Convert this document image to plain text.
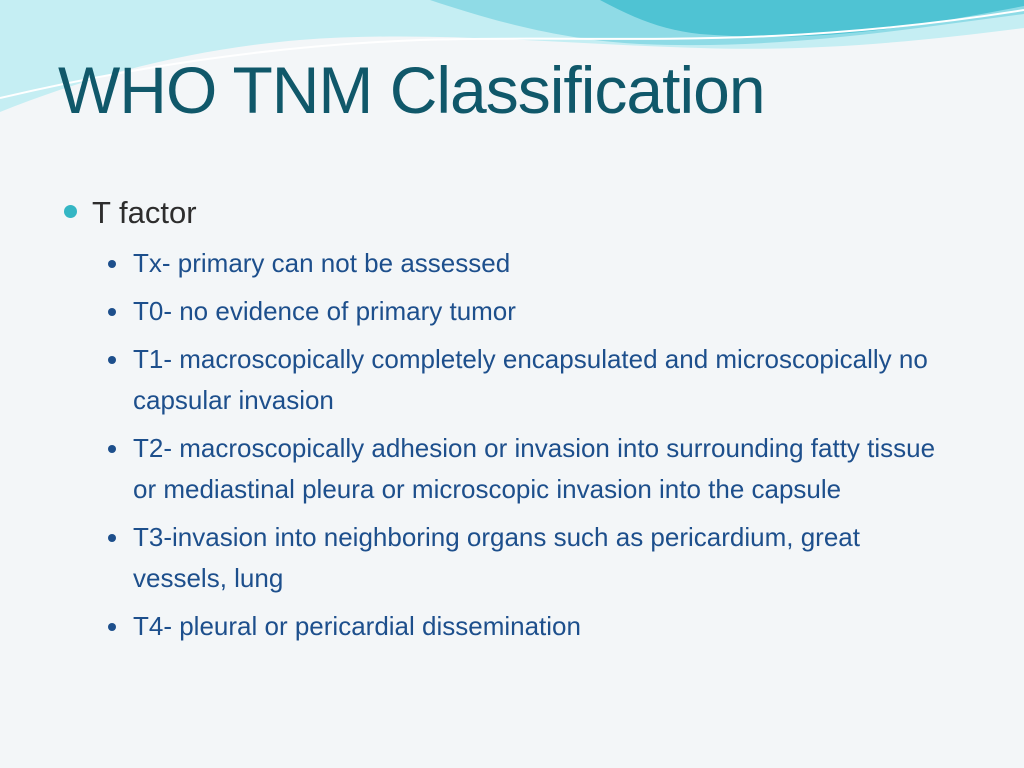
WHO TNM Classification
T factor
Tx- primary can not be assessed
T0- no evidence of primary tumor
T1- macroscopically completely encapsulated and microscopically no capsular invasion
T2- macroscopically adhesion or invasion into surrounding fatty tissue or mediastinal pleura or microscopic invasion into the capsule
T3-invasion into neighboring organs such as pericardium, great vessels, lung
T4- pleural or pericardial dissemination
